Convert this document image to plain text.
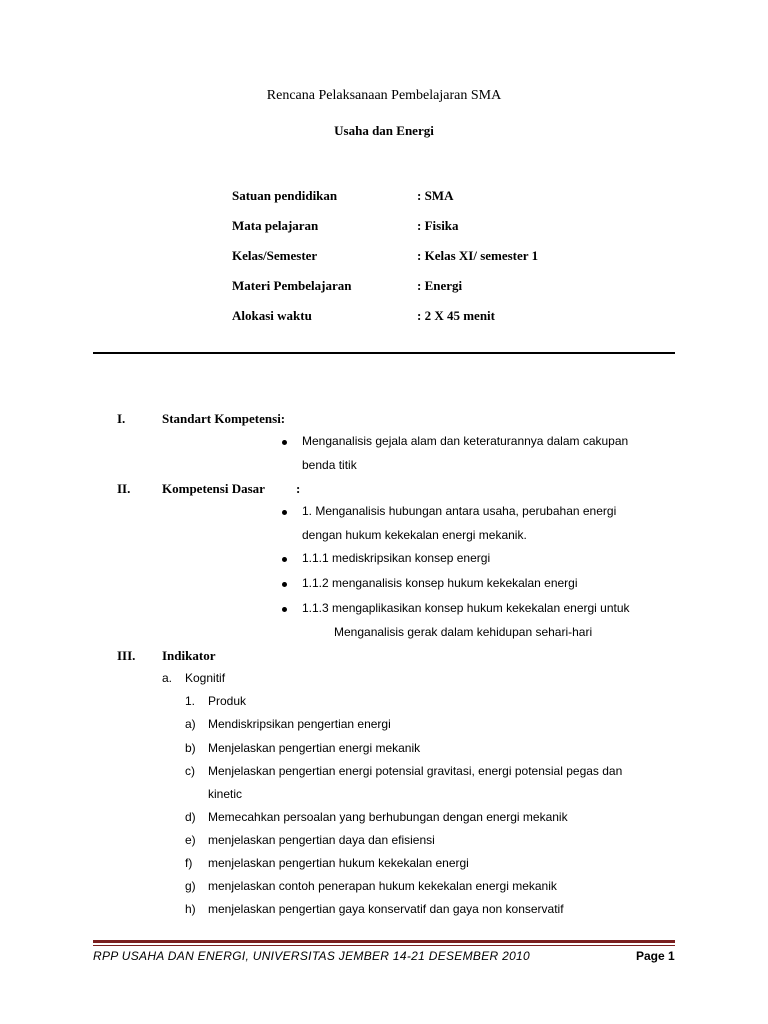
Rencana Pelaksanaan Pembelajaran SMA
Usaha dan Energi
Satuan pendidikan	: SMA
Mata pelajaran	: Fisika
Kelas/Semester	: Kelas XI/ semester 1
Materi Pembelajaran	: Energi
Alokasi waktu	: 2 X 45 menit
I.	Standart Kompetensi:
Menganalisis gejala alam dan keteraturannya dalam cakupan
benda titik
II. Kompetensi Dasar :
1. Menganalisis hubungan antara usaha, perubahan energi
dengan hukum kekekalan energi mekanik.
1.1.1 mediskripsikan konsep energi
1.1.2 menganalisis konsep hukum kekekalan energi
1.1.3 mengaplikasikan konsep hukum kekekalan energi untuk
Menganalisis gerak dalam kehidupan sehari-hari
III. Indikator
a. Kognitif
1. Produk
a) Mendiskripsikan pengertian energi
b) Menjelaskan pengertian energi mekanik
c) Menjelaskan pengertian energi potensial gravitasi, energi potensial pegas dan
kinetic
d) Memecahkan persoalan yang berhubungan dengan energi mekanik
e) menjelaskan pengertian daya dan efisiensi
f) menjelaskan pengertian hukum kekekalan energi
g) menjelaskan contoh penerapan hukum kekekalan energi mekanik
h) menjelaskan pengertian gaya konservatif dan gaya non konservatif
RPP USAHA DAN ENERGI, UNIVERSITAS JEMBER 14-21 DESEMBER 2010	Page 1
